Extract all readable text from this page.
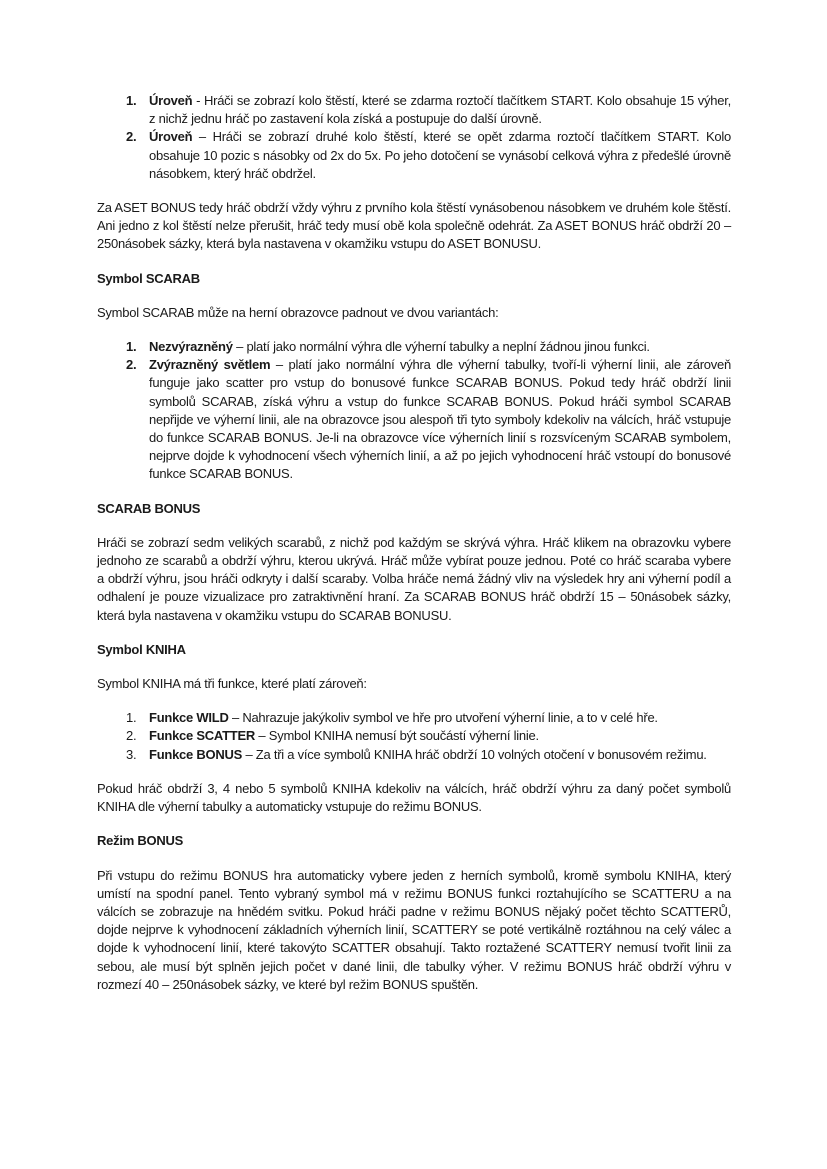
1. Úroveň - Hráči se zobrazí kolo štěstí, které se zdarma roztočí tlačítkem START. Kolo obsahuje 15 výher, z nichž jednu hráč po zastavení kola získá a postupuje do další úrovně.
2. Úroveň – Hráči se zobrazí druhé kolo štěstí, které se opět zdarma roztočí tlačítkem START. Kolo obsahuje 10 pozic s násobky od 2x do 5x. Po jeho dotočení se vynásobí celková výhra z předešlé úrovně násobkem, který hráč obdržel.

Za ASET BONUS tedy hráč obdrží vždy výhru z prvního kola štěstí vynásobenou násobkem ve druhém kole štěstí. Ani jedno z kol štěstí nelze přerušit, hráč tedy musí obě kola společně odehrát. Za ASET BONUS hráč obdrží 20 – 250násobek sázky, která byla nastavena v okamžiku vstupu do ASET BONUSU.

Symbol SCARAB

Symbol SCARAB může na herní obrazovce padnout ve dvou variantách:

1. Nezvýrazněný – platí jako normální výhra dle výherní tabulky a neplní žádnou jinou funkci.
2. Zvýrazněný světlem – platí jako normální výhra dle výherní tabulky, tvoří-li výherní linii, ale zároveň funguje jako scatter pro vstup do bonusové funkce SCARAB BONUS. Pokud tedy hráč obdrží linii symbolů SCARAB, získá výhru a vstup do funkce SCARAB BONUS. Pokud hráči symbol SCARAB nepřijde ve výherní linii, ale na obrazovce jsou alespoň tři tyto symboly kdekoliv na válcích, hráč vstupuje do funkce SCARAB BONUS. Je-li na obrazovce více výherních linií s rozsvíceným SCARAB symbolem, nejprve dojde k vyhodnocení všech výherních linií, a až po jejich vyhodnocení hráč vstoupí do bonusové funkce SCARAB BONUS.
SCARAB BONUS

Hráči se zobrazí sedm velikých scarabů, z nichž pod každým se skrývá výhra. Hráč klikem na obrazovku vybere jednoho ze scarabů a obdrží výhru, kterou ukrývá. Hráč může vybírat pouze jednou. Poté co hráč scaraba vybere a obdrží výhru, jsou hráči odkryty i další scaraby. Volba hráče nemá žádný vliv na výsledek hry ani výherní podíl a odhalení je pouze vizualizace pro zatraktivnění hraní. Za SCARAB BONUS hráč obdrží 15 – 50násobek sázky, která byla nastavena v okamžiku vstupu do SCARAB BONUSU.

Symbol KNIHA

Symbol KNIHA má tři funkce, které platí zároveň:

1. Funkce WILD – Nahrazuje jakýkoliv symbol ve hře pro utvoření výherní linie, a to v celé hře.
2. Funkce SCATTER – Symbol KNIHA nemusí být součástí výherní linie.
3. Funkce BONUS – Za tři a více symbolů KNIHA hráč obdrží 10 volných otočení v bonusovém režimu.

Pokud hráč obdrží 3, 4 nebo 5 symbolů KNIHA kdekoliv na válcích, hráč obdrží výhru za daný počet symbolů KNIHA dle výherní tabulky a automaticky vstupuje do režimu BONUS.

Režim BONUS

Při vstupu do režimu BONUS hra automaticky vybere jeden z herních symbolů, kromě symbolu KNIHA, který umístí na spodní panel. Tento vybraný symbol má v režimu BONUS funkci roztahujícího se SCATTERU a na válcích se zobrazuje na hnědém svitku. Pokud hráči padne v režimu BONUS nějaký počet těchto SCATTERŮ, dojde nejprve k vyhodnocení základních výherních linií, SCATTERY se poté vertikálně roztáhnou na celý válec a dojde k vyhodnocení linií, které takovýto SCATTER obsahují. Takto roztažené SCATTERY nemusí tvořit linii za sebou, ale musí být splněn jejich počet v dané linii, dle tabulky výher. V režimu BONUS hráč obdrží výhru v rozmezí 40 – 250násobek sázky, ve které byl režim BONUS spuštěn.
